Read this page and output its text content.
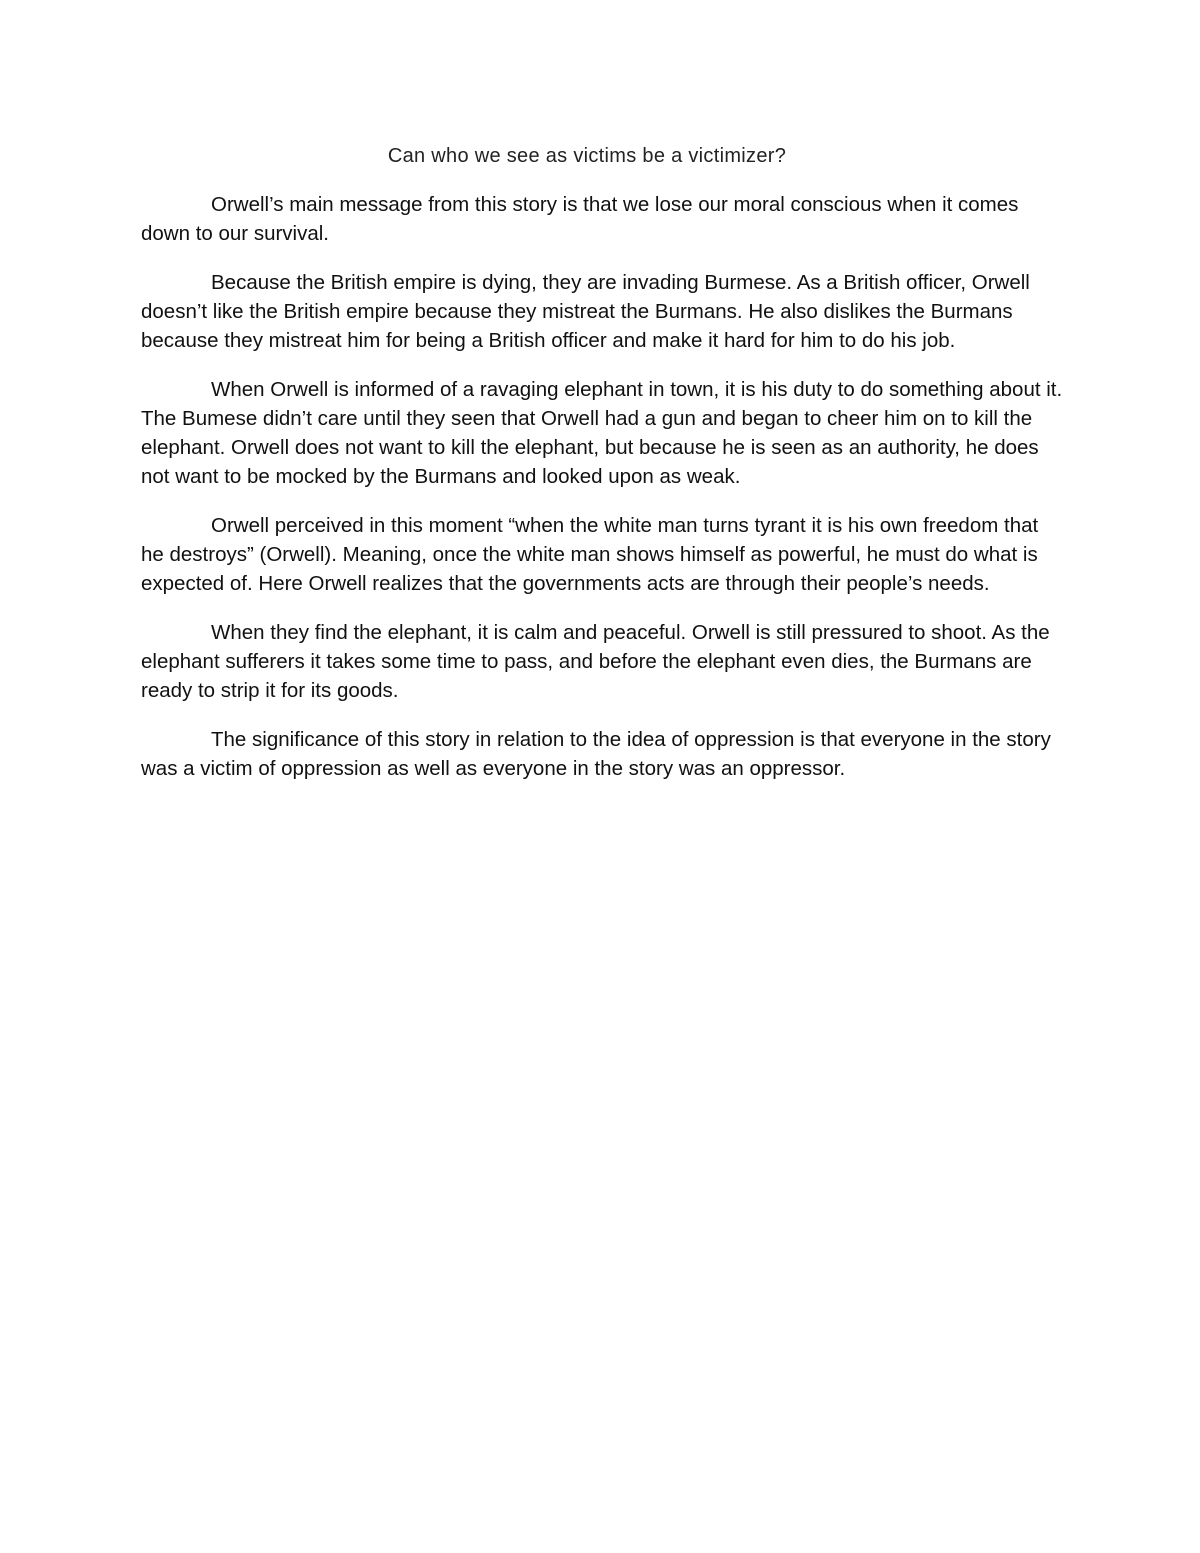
Can who we see as victims be a victimizer?

Orwell’s main message from this story is that we lose our moral conscious when it comes down to our survival.

Because the British empire is dying, they are invading Burmese. As a British officer, Orwell doesn’t like the British empire because they mistreat the Burmans. He also dislikes the Burmans because they mistreat him for being a British officer and make it hard for him to do his job.

When Orwell is informed of a ravaging elephant in town, it is his duty to do something about it. The Bumese didn’t care until they seen that Orwell had a gun and began to cheer him on to kill the elephant. Orwell does not want to kill the elephant, but because he is seen as an authority, he does not want to be mocked by the Burmans and looked upon as weak.

Orwell perceived in this moment “when the white man turns tyrant it is his own freedom that he destroys” (Orwell). Meaning, once the white man shows himself as powerful, he must do what is expected of. Here Orwell realizes that the governments acts are through their people’s needs.

When they find the elephant, it is calm and peaceful. Orwell is still pressured to shoot. As the elephant sufferers it takes some time to pass, and before the elephant even dies, the Burmans are ready to strip it for its goods.

The significance of this story in relation to the idea of oppression is that everyone in the story was a victim of oppression as well as everyone in the story was an oppressor.
